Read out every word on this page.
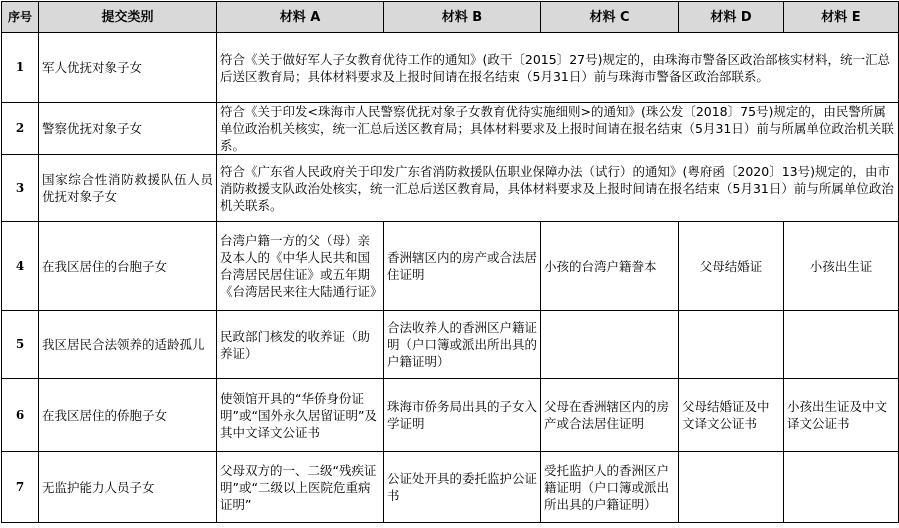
序号	提交类别	材料 A	材料 B	材料 C	材料 D	材料 E
1	军人优抚对象子女	符合《关于做好军人子女教育优待工作的通知》(政干〔2015〕27号)规定的，由珠海市警备区政治部核实材料，统一汇总后送区教育局；具体材料要求及上报时间请在报名结束（5月31日）前与珠海市警备区政治部联系。				
2	警察优抚对象子女	符合《关于印发<珠海市人民警察优抚对象子女教育优待实施细则>的通知》(珠公发〔2018〕75号)规定的，由民警所属单位政治机关核实，统一汇总后送区教育局；具体材料要求及上报时间请在报名结束（5月31日）前与所属单位政治机关联系。				
3	国家综合性消防救援队伍人员优抚对象子女	符合《广东省人民政府关于印发广东省消防救援队伍职业保障办法（试行）的通知》(粤府函〔2020〕13号)规定的，由市消防救援支队政治处核实，统一汇总后送区教育局，具体材料要求及上报时间请在报名结束（5月31日）前与所属单位政治机关联系。				
4	在我区居住的台胞子女	台湾户籍一方的父（母）亲及本人的《中华人民共和国台湾居民居住证》或五年期《台湾居民来往大陆通行证》	香洲辖区内的房产或合法居住证明	小孩的台湾户籍誊本	父母结婚证	小孩出生证
5	我区居民合法领养的适龄孤儿	民政部门核发的收养证（助养证）	合法收养人的香洲区户籍证明（户口簿或派出所出具的户籍证明）			
6	在我区居住的侨胞子女	使领馆开具的“华侨身份证明”或“国外永久居留证明”及其中文译文公证书	珠海市侨务局出具的子女入学证明	父母在香洲辖区内的房产或合法居住证明	父母结婚证及中文译文公证书	小孩出生证及中文译文公证书
7	无监护能力人员子女	父母双方的一、二级“残疾证明”或“二级以上医院危重病证明”	公证处开具的委托监护公证书	受托监护人的香洲区户籍证明（户口簿或派出所出具的户籍证明）		
